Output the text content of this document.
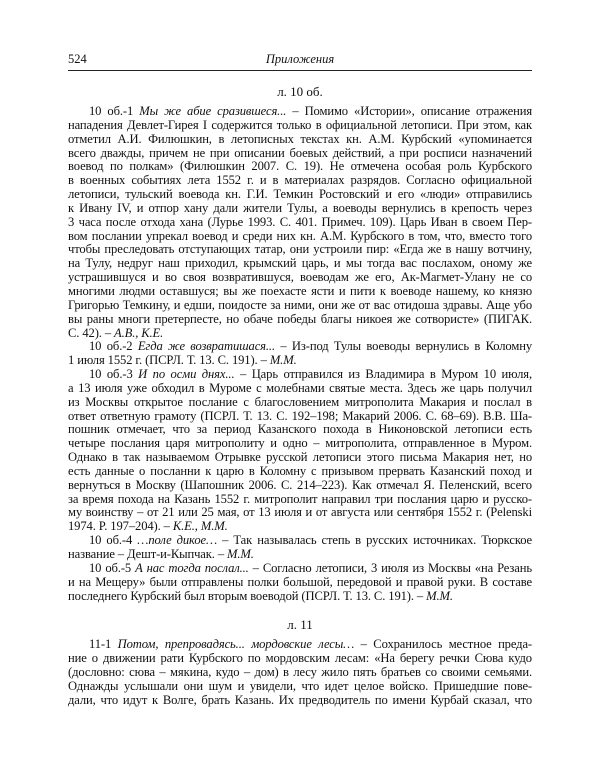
524	Приложения
л. 10 об.
10 об.-1 Мы же абие сразившеся... – Помимо «Истории», описание отражения
нападения Девлет-Гирея I содержится только в официальной летописи. При этом, как
отметил А.И. Филюшкин, в летописных текстах кн. А.М. Курбский «упоминается
всего дважды, причем не при описании боевых действий, а при росписи назначений
воевод по полкам» (Филюшкин 2007. С. 19). Не отмечена особая роль Курбского
в военных событиях лета 1552 г. и в материалах разрядов. Согласно официальной
летописи, тульский воевода кн. Г.И. Темкин Ростовский и его «люди» отправились
к Ивану IV, и отпор хану дали жители Тулы, а воеводы вернулись в крепость через
3 часа после отхода хана (Лурье 1993. С. 401. Примеч. 109). Царь Иван в своем Пер-
вом послании упрекал воевод и среди них кн. А.М. Курбского в том, что, вместо того
чтобы преследовать отступающих татар, они устроили пир: «Егда же в нашу вотчину,
на Тулу, недруг наш приходил, крымский царь, и мы тогда вас послахом, оному же
устрашившуся и во своя возвратившуся, воеводам же его, Ак-Магмет-Улану не со
многими людми оставшуся; вы же поехасте ясти и пити к воеводе нашему, ко князю
Григорью Темкину, и едши, поидосте за ними, они же от вас отидоша здравы. Аще убо
вы раны многи претерпесте, но обаче победы благы никоея же сотвористе» (ПИГАК.
С. 42). – А.В., К.Е.
10 об.-2 Егда же возвратишася... – Из-под Тулы воеводы вернулись в Коломну
1 июля 1552 г. (ПСРЛ. Т. 13. С. 191). – М.М.
10 об.-3 И по осми днях... – Царь отправился из Владимира в Муром 10 июля,
а 13 июля уже обходил в Муроме с молебнами святые места. Здесь же царь получил
из Москвы открытое послание с благословением митрополита Макария и послал в
ответ ответную грамоту (ПСРЛ. Т. 13. С. 192–198; Макарий 2006. С. 68–69). В.В. Ша-
пошник отмечает, что за период Казанского похода в Никоновской летописи есть
четыре послания царя митрополиту и одно – митрополита, отправленное в Муром.
Однако в так называемом Отрывке русской летописи этого письма Макария нет, но
есть данные о посланни к царю в Коломну с призывом прервать Казанский поход и
вернуться в Москву (Шапошник 2006. С. 214–223). Как отмечал Я. Пеленский, всего
за время похода на Казань 1552 г. митрополит направил три послания царю и русско-
му воинству – от 21 или 25 мая, от 13 июля и от августа или сентября 1552 г. (Pelenski
1974. P. 197–204). – К.Е., М.М.
10 об.-4 …поле дикое… – Так называлась степь в русских источниках. Тюркское
название – Дешт-и-Кыпчак. – М.М.
10 об.-5 А нас тогда послал... – Согласно летописи, 3 июля из Москвы «на Резань
и на Мещеру» были отправлены полки большой, передовой и правой руки. В составе
последнего Курбский был вторым воеводой (ПСРЛ. Т. 13. С. 191). – М.М.
л. 11
11-1 Потом, препровадясь... мордовские лесы… – Сохранилось местное преда-
ние о движении рати Курбского по мордовским лесам: «На берегу речки Сюва кудо
(дословно: сюва – мякина, кудо – дом) в лесу жило пять братьев со своими семьями.
Однажды услышали они шум и увидели, что идет целое войско. Пришедшие пове-
дали, что идут к Волге, брать Казань. Их предводитель по имени Курбай сказал, что
